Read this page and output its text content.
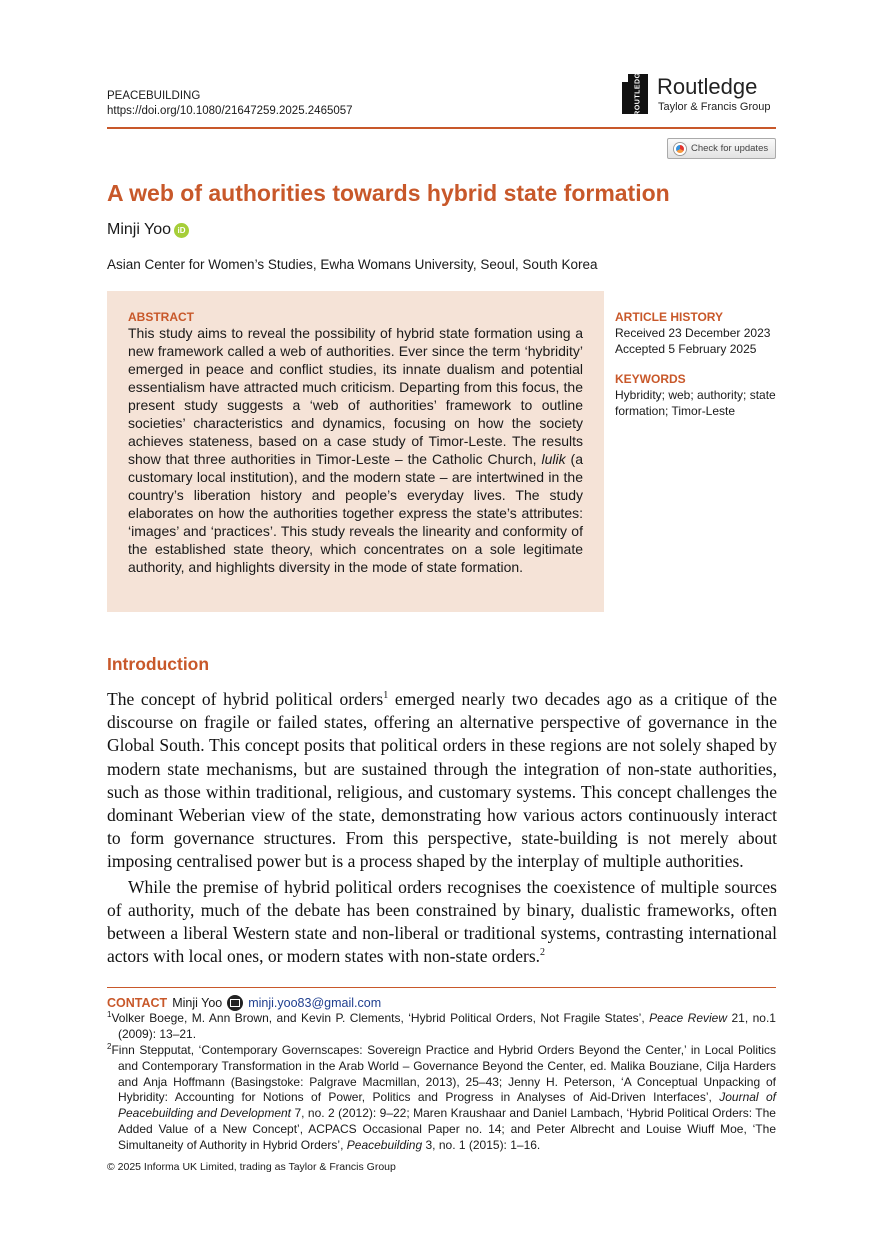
PEACEBUILDING
https://doi.org/10.1080/21647259.2025.2465057	ROUTLEDGE Routledge
Taylor & Francis Group
Check for updates
A web of authorities towards hybrid state formation
Minji Yoo iD
Asian Center for Women’s Studies, Ewha Womans University, Seoul, South Korea
ABSTRACT
This study aims to reveal the possibility of hybrid state formation using a new framework called a web of authorities. Ever since the term ‘hybridity’ emerged in peace and conflict studies, its innate dualism and potential essentialism have attracted much criticism. Departing from this focus, the present study suggests a ‘web of authorities’ framework to outline societies’ characteristics and dynamics, focusing on how the society achieves stateness, based on a case study of Timor-Leste. The results show that three authorities in Timor-Leste – the Catholic Church, lulik (a customary local institution), and the modern state – are intertwined in the country’s liberation history and people’s everyday lives. The study elaborates on how the authorities together express the state’s attributes: ‘images’ and ‘practices’. This study reveals the linearity and conformity of the established state theory, which concentrates on a sole legitimate authority, and highlights diversity in the mode of state formation.
ARTICLE HISTORY
Received 23 December 2023
Accepted 5 February 2025
KEYWORDS
Hybridity; web; authority; state formation; Timor-Leste
Introduction

The concept of hybrid political orders$^1$ emerged nearly two decades ago as a critique of the discourse on fragile or failed states, offering an alternative perspective of governance in the Global South. This concept posits that political orders in these regions are not solely shaped by modern state mechanisms, but are sustained through the integration of non-state authorities, such as those within traditional, religious, and customary systems. This concept challenges the dominant Weberian view of the state, demonstrating how various actors continuously interact to form governance structures. From this perspective, state-building is not merely about imposing centralised power but is a process shaped by the interplay of multiple authorities.

While the premise of hybrid political orders recognises the coexistence of multiple sources of authority, much of the debate has been constrained by binary, dualistic frameworks, often between a liberal Western state and non-liberal or traditional systems, contrasting international actors with local ones, or modern states with non-state orders.$^2$

CONTACT Minji Yoo minji.yoo83@gmail.com
$^1$Volker Boege, M. Ann Brown, and Kevin P. Clements, ‘Hybrid Political Orders, Not Fragile States’, Peace Review 21, no.1 (2009): 13–21.
$^2$Finn Stepputat, ‘Contemporary Governscapes: Sovereign Practice and Hybrid Orders Beyond the Center,’ in Local Politics and Contemporary Transformation in the Arab World – Governance Beyond the Center, ed. Malika Bouziane, Cilja Harders and Anja Hoffmann (Basingstoke: Palgrave Macmillan, 2013), 25–43; Jenny H. Peterson, ‘A Conceptual Unpacking of Hybridity: Accounting for Notions of Power, Politics and Progress in Analyses of Aid-Driven Interfaces’, Journal of Peacebuilding and Development 7, no. 2 (2012): 9–22; Maren Kraushaar and Daniel Lambach, ‘Hybrid Political Orders: The Added Value of a New Concept’, ACPACS Occasional Paper no. 14; and Peter Albrecht and Louise Wiuff Moe, ‘The Simultaneity of Authority in Hybrid Orders’, Peacebuilding 3, no. 1 (2015): 1–16.
© 2025 Informa UK Limited, trading as Taylor & Francis Group
